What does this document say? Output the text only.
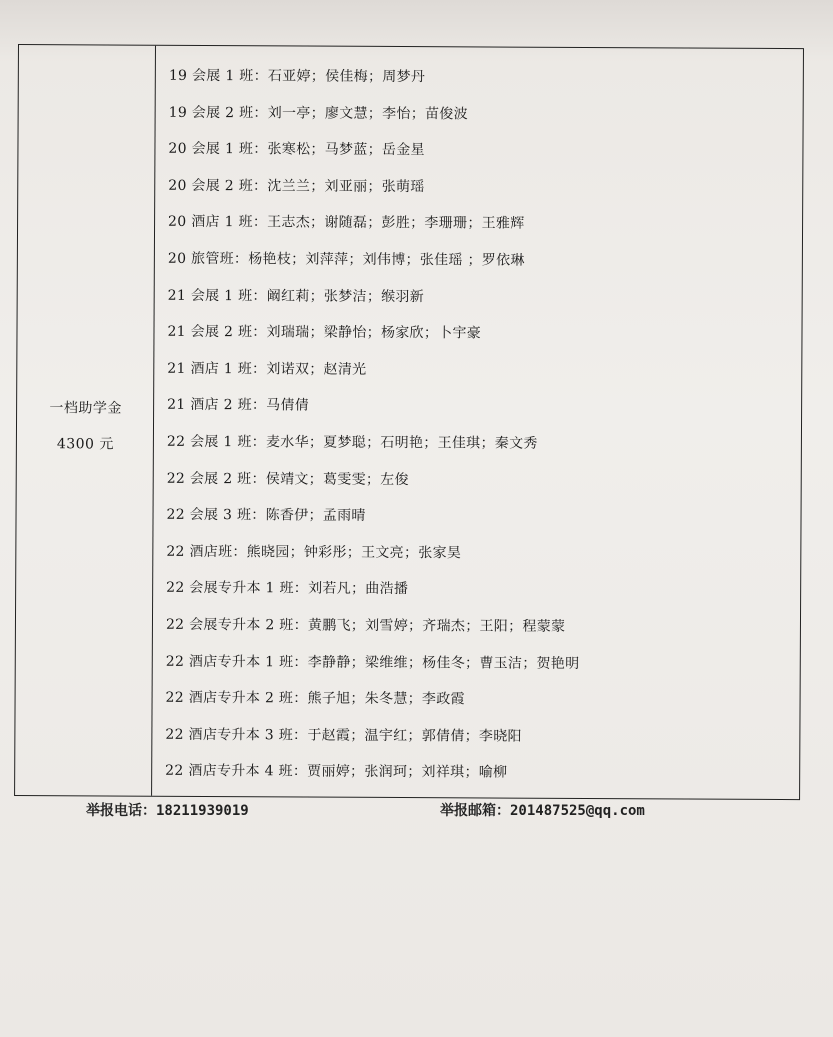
一档助学金
4300 元
19 会展 1 班：石亚婷；侯佳梅；周梦丹
19 会展 2 班：刘一亭；廖文慧；李怡；苗俊波
20 会展 1 班：张寒松；马梦蓝；岳金星
20 会展 2 班：沈兰兰；刘亚丽；张萌瑶
20 酒店 1 班：王志杰；谢随磊；彭胜；李珊珊；王雅辉
20 旅管班：杨艳枝；刘萍萍；刘伟博；张佳瑶 ；罗依琳
21 会展 1 班：阚红莉；张梦洁；缑羽新
21 会展 2 班：刘瑞瑞；梁静怡；杨家欣；卜宇豪
21 酒店 1 班：刘诺双；赵清光
21 酒店 2 班：马倩倩
22 会展 1 班：麦水华；夏梦聪；石明艳；王佳琪；秦文秀
22 会展 2 班：侯靖文；葛雯雯；左俊
22 会展 3 班：陈香伊；孟雨晴
22 酒店班：熊晓园；钟彩彤；王文亮；张家昊
22 会展专升本 1 班：刘若凡；曲浩播
22 会展专升本 2 班：黄鹏飞；刘雪婷；齐瑞杰；王阳；程蒙蒙
22 酒店专升本 1 班：李静静；梁维维；杨佳冬；曹玉洁；贺艳明
22 酒店专升本 2 班：熊子旭；朱冬慧；李政霞
22 酒店专升本 3 班：于赵霞；温宇红；郭倩倩；李晓阳
22 酒店专升本 4 班：贾丽婷；张润珂；刘祥琪；喻柳
举报电话：18211939019	举报邮箱：201487525@qq.com
